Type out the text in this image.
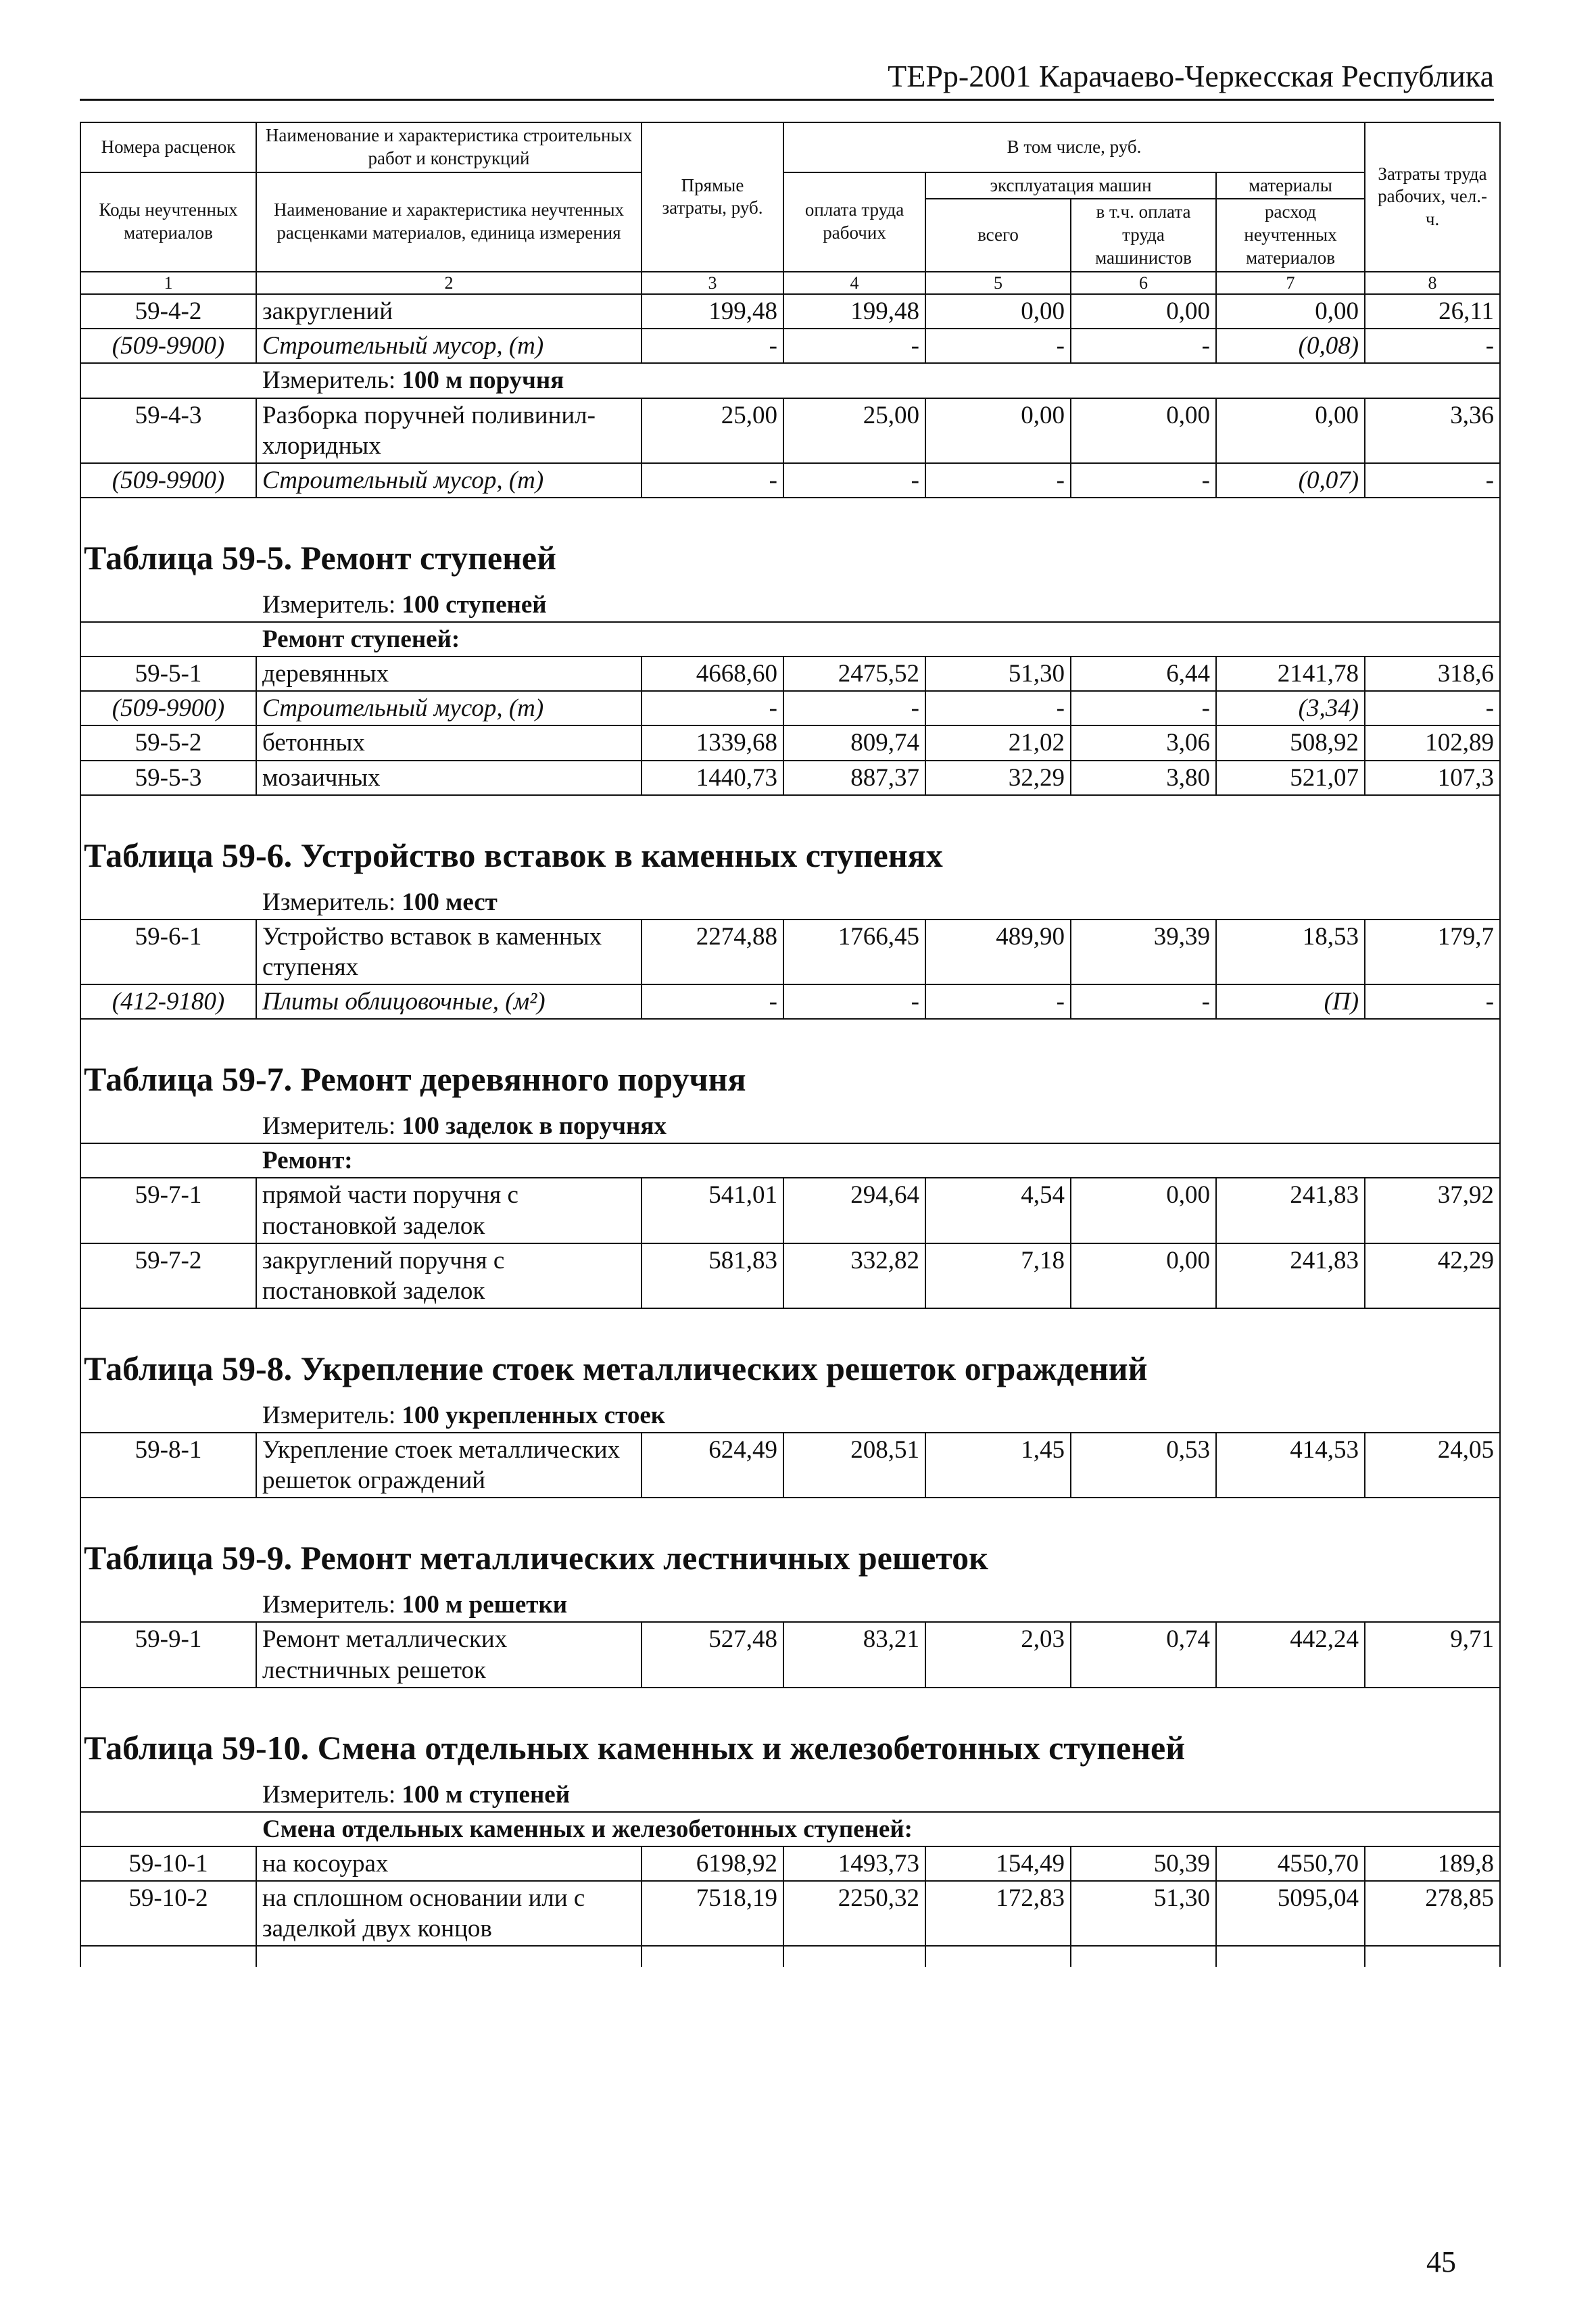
ТЕРр-2001 Карачаево-Черкесская Республика
Номера расценок	Наименование и характеристика строительных работ и конструкций	Прямые затраты, руб.	В том числе, руб.				Затраты труда рабочих, чел.-ч.
Коды неучтенных материалов	Наименование и характеристика неучтенных расценками материалов, единица измерения		оплата труда рабочих	эксплуатация машин		материалы	
				всего	в т.ч. оплата труда машинистов	расход неучтенных материалов	
1	2	3	4	5	6	7	8
59-4-2	закруглений	199,48	199,48	0,00	0,00	0,00	26,11
(509-9900)	Строительный мусор, (т)	-	-	-	-	(0,08)	-
Измеритель: 100 м поручня							
59-4-3	Разборка поручней поливинил-хлоридных	25,00	25,00	0,00	0,00	0,00	3,36
(509-9900)	Строительный мусор, (т)	-	-	-	-	(0,07)	-
Таблица 59-5. Ремонт ступеней							
Измеритель: 100 ступеней							
Ремонт ступеней:							
59-5-1	деревянных	4668,60	2475,52	51,30	6,44	2141,78	318,6
(509-9900)	Строительный мусор, (т)	-	-	-	-	(3,34)	-
59-5-2	бетонных	1339,68	809,74	21,02	3,06	508,92	102,89
59-5-3	мозаичных	1440,73	887,37	32,29	3,80	521,07	107,3
Таблица 59-6. Устройство вставок в каменных ступенях							
Измеритель: 100 мест							
59-6-1	Устройство вставок в каменных ступенях	2274,88	1766,45	489,90	39,39	18,53	179,7
(412-9180)	Плиты облицовочные, (м²)	-	-	-	-	(П)	-
Таблица 59-7. Ремонт деревянного поручня							
Измеритель: 100 заделок в поручнях							
Ремонт:							
59-7-1	прямой части поручня с постановкой заделок	541,01	294,64	4,54	0,00	241,83	37,92
59-7-2	закруглений поручня с постановкой заделок	581,83	332,82	7,18	0,00	241,83	42,29
Таблица 59-8. Укрепление стоек металлических решеток ограждений							
Измеритель: 100 укрепленных стоек							
59-8-1	Укрепление стоек металлических решеток ограждений	624,49	208,51	1,45	0,53	414,53	24,05
Таблица 59-9. Ремонт металлических лестничных решеток							
Измеритель: 100 м решетки							
59-9-1	Ремонт металлических лестничных решеток	527,48	83,21	2,03	0,74	442,24	9,71
Таблица 59-10. Смена отдельных каменных и железобетонных ступеней							
Измеритель: 100 м ступеней							
Смена отдельных каменных и железобетонных ступеней:							
59-10-1	на косоурах	6198,92	1493,73	154,49	50,39	4550,70	189,8
59-10-2	на сплошном основании или с заделкой двух концов	7518,19	2250,32	172,83	51,30	5095,04	278,85

45
